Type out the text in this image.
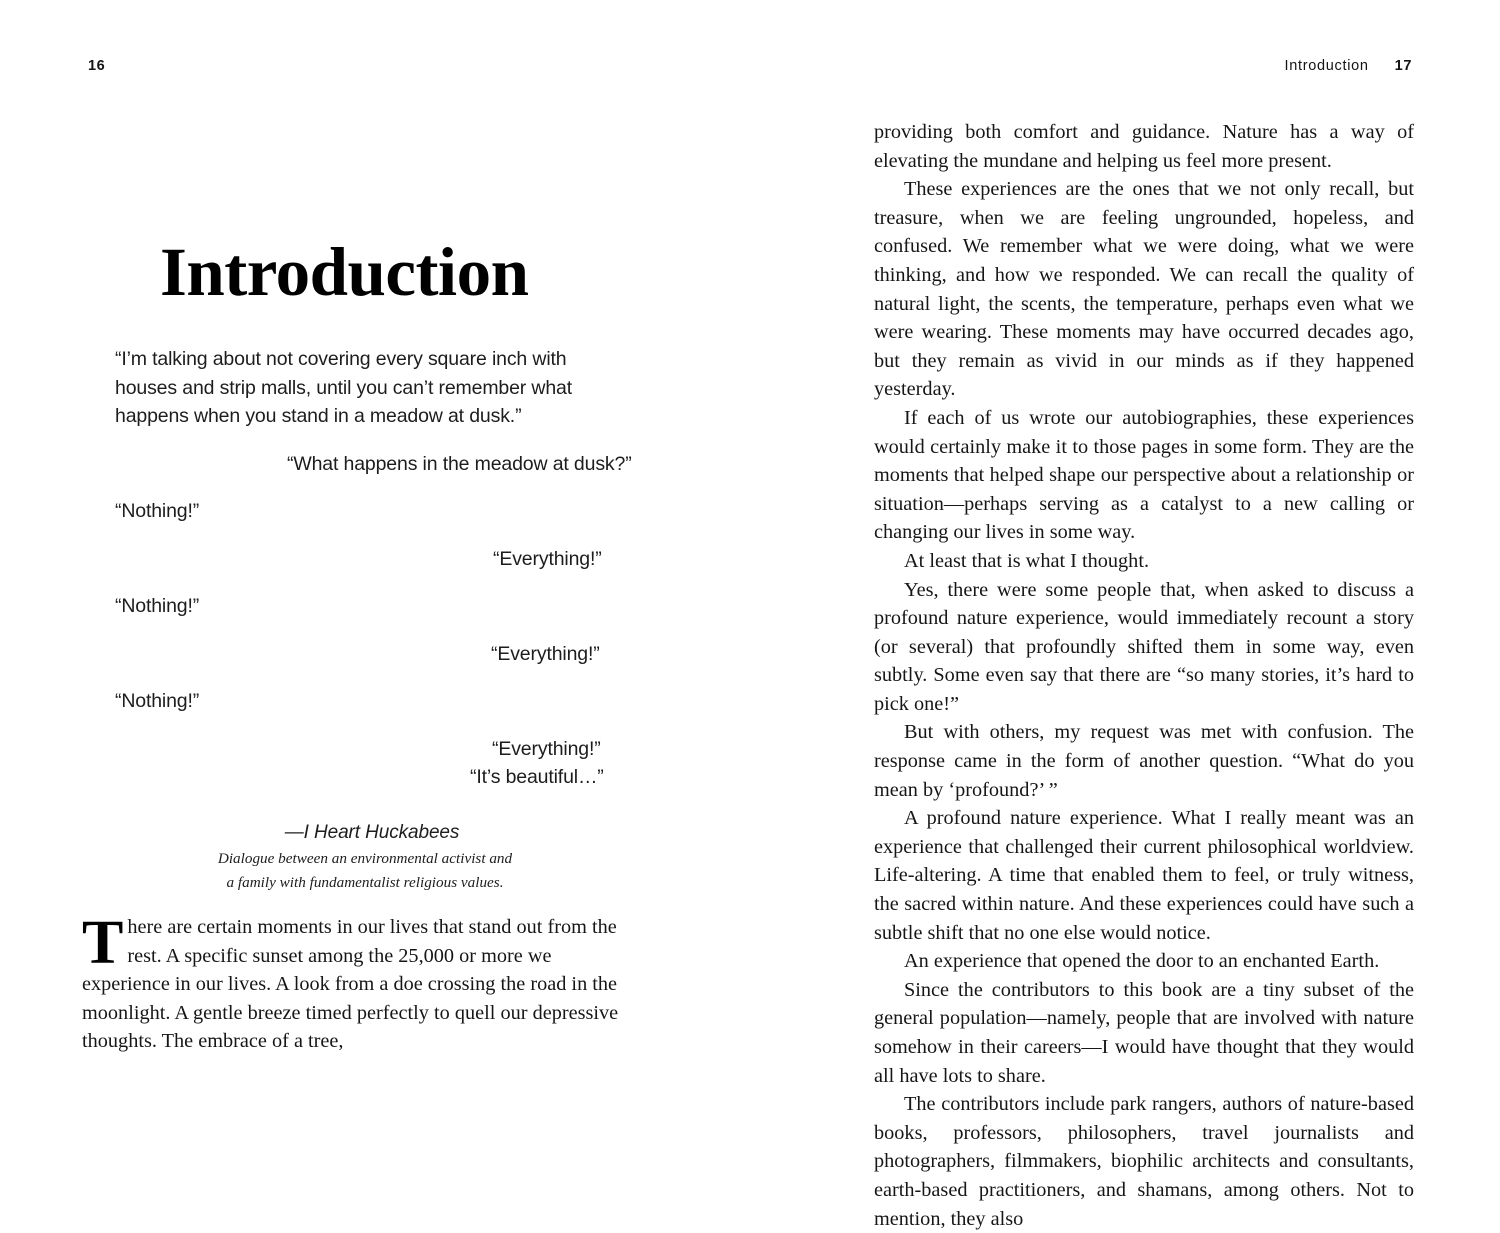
16
Introduction

“I’m talking about not covering every square inch with houses and strip malls, until you can’t remember what happens when you stand in a meadow at dusk.”

“What happens in the meadow at dusk?”

“Nothing!”

“Everything!”

“Nothing!”

“Everything!”

“Nothing!”

“Everything!”

“It’s beautiful…”

—I Heart Huckabees

Dialogue between an environmental activist and

a family with fundamentalist religious values.

There are certain moments in our lives that stand out from the rest. A specific sunset among the 25,000 or more we experience in our lives. A look from a doe crossing the road in the moonlight. A gentle breeze timed perfectly to quell our depressive thoughts. The embrace of a tree,

Introduction 17

providing both comfort and guidance. Nature has a way of elevating the mundane and helping us feel more present.

These experiences are the ones that we not only recall, but treasure, when we are feeling ungrounded, hopeless, and confused. We remember what we were doing, what we were thinking, and how we responded. We can recall the quality of natural light, the scents, the temperature, perhaps even what we were wearing. These moments may have occurred decades ago, but they remain as vivid in our minds as if they happened yesterday.

If each of us wrote our autobiographies, these experiences would certainly make it to those pages in some form. They are the moments that helped shape our perspective about a relationship or situation—perhaps serving as a catalyst to a new calling or changing our lives in some way.

At least that is what I thought.

Yes, there were some people that, when asked to discuss a profound nature experience, would immediately recount a story (or several) that profoundly shifted them in some way, even subtly. Some even say that there are “so many stories, it’s hard to pick one!”

But with others, my request was met with confusion. The response came in the form of another question. “What do you mean by ‘profound?’ ”

A profound nature experience. What I really meant was an experience that challenged their current philosophical worldview. Life-altering. A time that enabled them to feel, or truly witness, the sacred within nature. And these experiences could have such a subtle shift that no one else would notice.

An experience that opened the door to an enchanted Earth.

Since the contributors to this book are a tiny subset of the general population—namely, people that are involved with nature somehow in their careers—I would have thought that they would all have lots to share.

The contributors include park rangers, authors of nature-based books, professors, philosophers, travel journalists and photographers, filmmakers, biophilic architects and consultants, earth-based practitioners, and shamans, among others. Not to mention, they also
